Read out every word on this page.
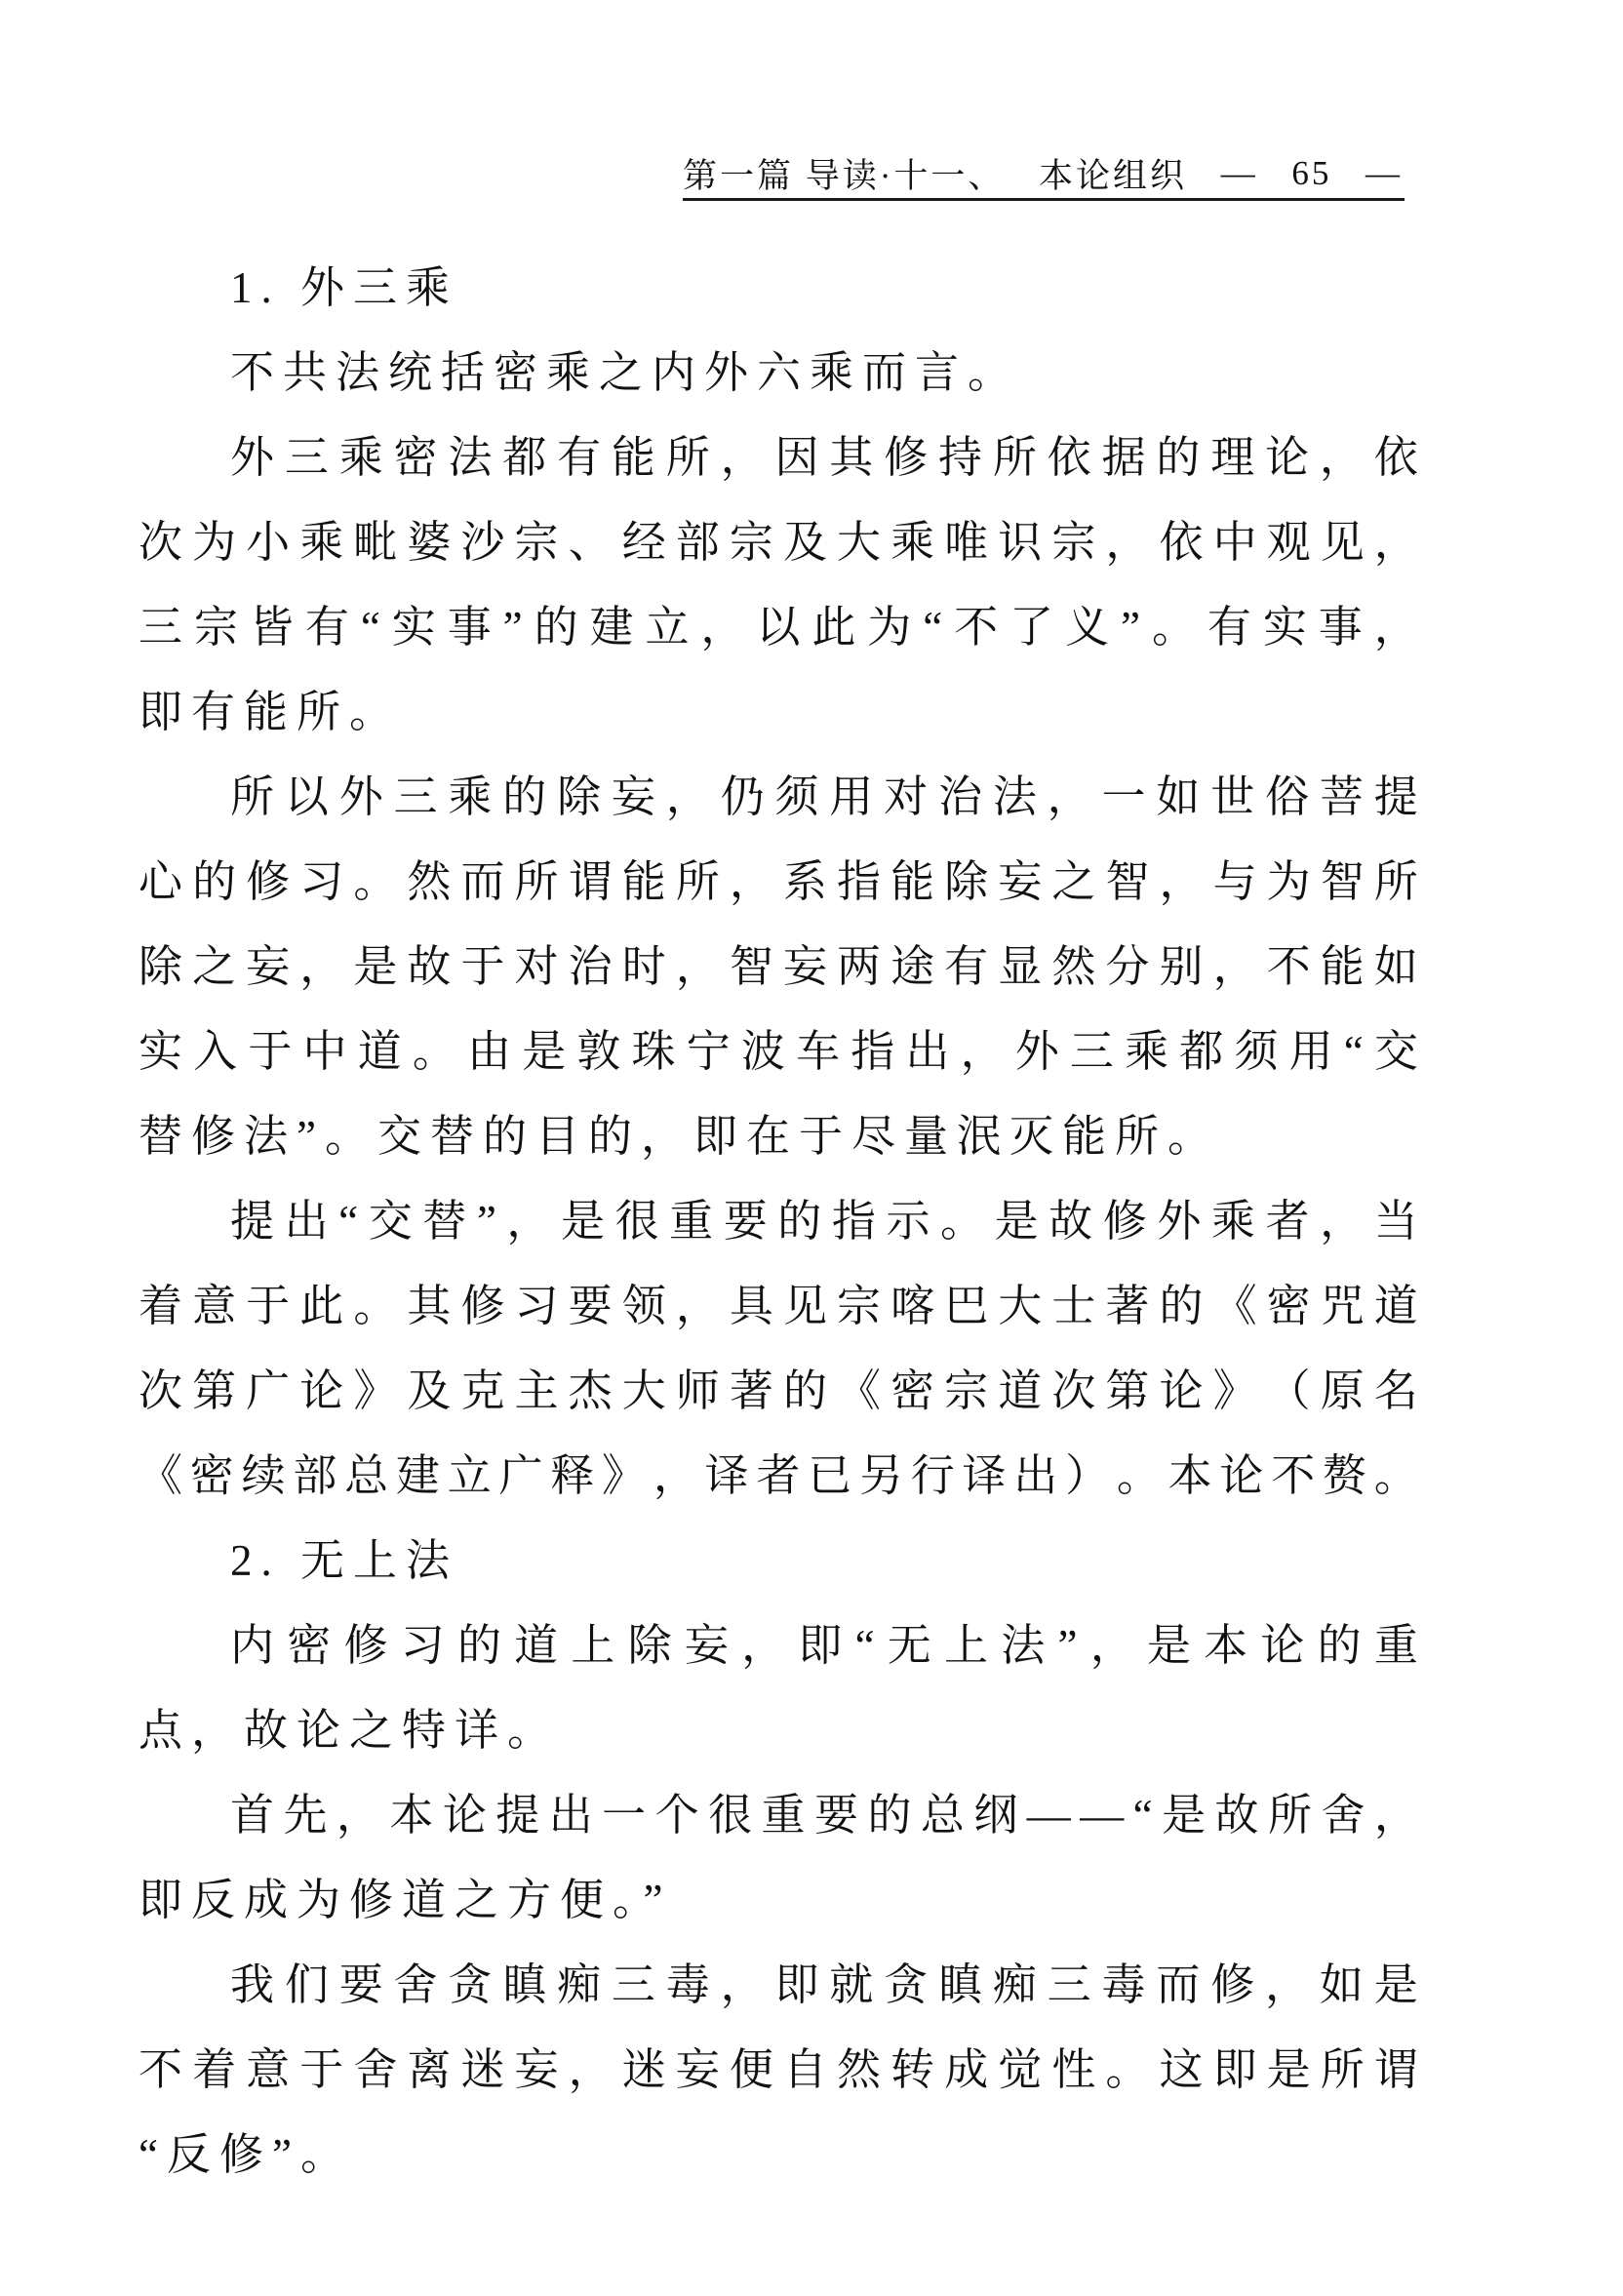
第一篇 导读·十一、 本论组织 — 65 —
1. 外三乘
不共法统括密乘之内外六乘而言。
外 三 乘 密 法 都 有 能 所 ， 因 其 修 持 所 依 据 的 理 论 ， 依
次 为 小 乘 毗 婆 沙 宗 、 经 部 宗 及 大 乘 唯 识 宗 ， 依 中 观 见 ，
三 宗 皆 有 “ 实 事 ” 的 建 立 ， 以 此 为 “ 不 了 义 ” 。 有 实 事 ，
即有能所。
所 以 外 三 乘 的 除 妄 ， 仍 须 用 对 治 法 ， 一 如 世 俗 菩 提
心 的 修 习 。 然 而 所 谓 能 所 ， 系 指 能 除 妄 之 智 ， 与 为 智 所
除 之 妄 ， 是 故 于 对 治 时 ， 智 妄 两 途 有 显 然 分 别 ， 不 能 如
实 入 于 中 道 。 由 是 敦 珠 宁 波 车 指 出 ， 外 三 乘 都 须 用 “ 交
替修法”。交替的目的，即在于尽量泯灭能所。
提 出 “ 交 替 ” ， 是 很 重 要 的 指 示 。 是 故 修 外 乘 者 ， 当
着 意 于 此 。 其 修 习 要 领 ， 具 见 宗 喀 巴 大 士 著 的 《 密 咒 道
次 第 广 论 》 及 克 主 杰 大 师 著 的 《 密 宗 道 次 第 论 》 （ 原 名
《 密 续 部 总 建 立 广 释 》 ， 译 者 已 另 行 译 出 ） 。 本 论 不 赘 。
2. 无上法
内 密 修 习 的 道 上 除 妄 ， 即 “ 无 上 法 ” ， 是 本 论 的 重
点，故论之特详。
首 先 ， 本 论 提 出 一 个 很 重 要 的 总 纲 — — “ 是 故 所 舍 ，
即反成为修道之方便。”
我 们 要 舍 贪 瞋 痴 三 毒 ， 即 就 贪 瞋 痴 三 毒 而 修 ， 如 是
不 着 意 于 舍 离 迷 妄 ， 迷 妄 便 自 然 转 成 觉 性 。 这 即 是 所 谓
“反修”。
